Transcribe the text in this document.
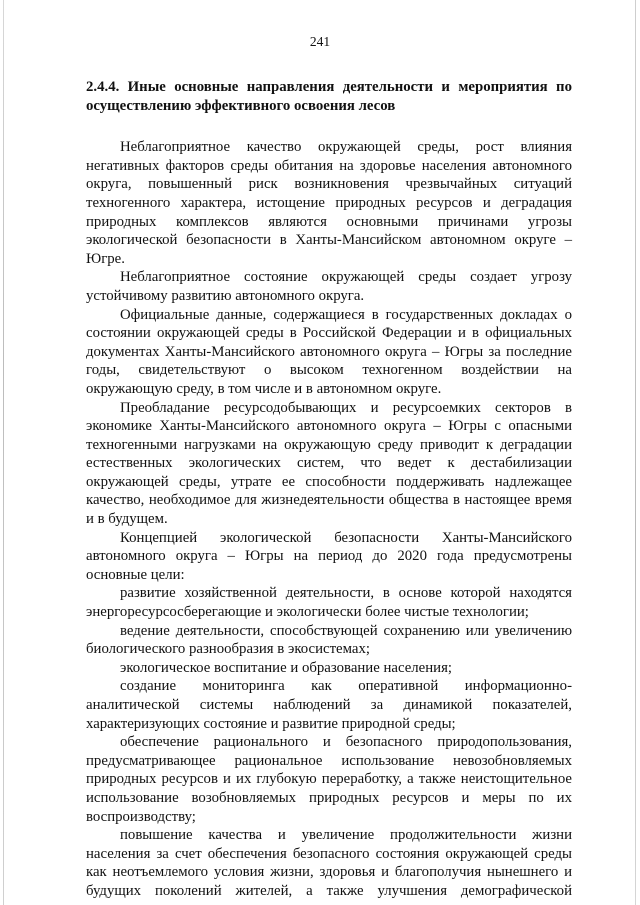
241

2.4.4. Иные основные направления деятельности и мероприятия по осуществлению эффективного освоения лесов

Неблагоприятное качество окружающей среды, рост влияния негативных факторов среды обитания на здоровье населения автономного округа, повышенный риск возникновения чрезвычайных ситуаций техногенного характера, истощение природных ресурсов и деградация природных комплексов являются основными причинами угрозы экологической безопасности в Ханты-Мансийском автономном округе – Югре.

Неблагоприятное состояние окружающей среды создает угрозу устойчивому развитию автономного округа.

Официальные данные, содержащиеся в государственных докладах о состоянии окружающей среды в Российской Федерации и в официальных документах Ханты-Мансийского автономного округа – Югры за последние годы, свидетельствуют о высоком техногенном воздействии на окружающую среду, в том числе и в автономном округе.

Преобладание ресурсодобывающих и ресурсоемких секторов в экономике Ханты-Мансийского автономного округа – Югры с опасными техногенными нагрузками на окружающую среду приводит к деградации естественных экологических систем, что ведет к дестабилизации окружающей среды, утрате ее способности поддерживать надлежащее качество, необходимое для жизнедеятельности общества в настоящее время и в будущем.

Концепцией экологической безопасности Ханты-Мансийского автономного округа – Югры на период до 2020 года предусмотрены основные цели:

развитие хозяйственной деятельности, в основе которой находятся энергоресурсосберегающие и экологически более чистые технологии;

ведение деятельности, способствующей сохранению или увеличению биологического разнообразия в экосистемах;

экологическое воспитание и образование населения;

создание мониторинга как оперативной информационно-аналитической системы наблюдений за динамикой показателей, характеризующих состояние и развитие природной среды;

обеспечение рационального и безопасного природопользования, предусматривающее рациональное использование невозобновляемых природных ресурсов и их глубокую переработку, а также неистощительное использование возобновляемых природных ресурсов и меры по их воспроизводству;

повышение качества и увеличение продолжительности жизни населения за счет обеспечения безопасного состояния окружающей среды как неотъемлемого условия жизни, здоровья и благополучия нынешнего и будущих поколений жителей, а также улучшения демографической
